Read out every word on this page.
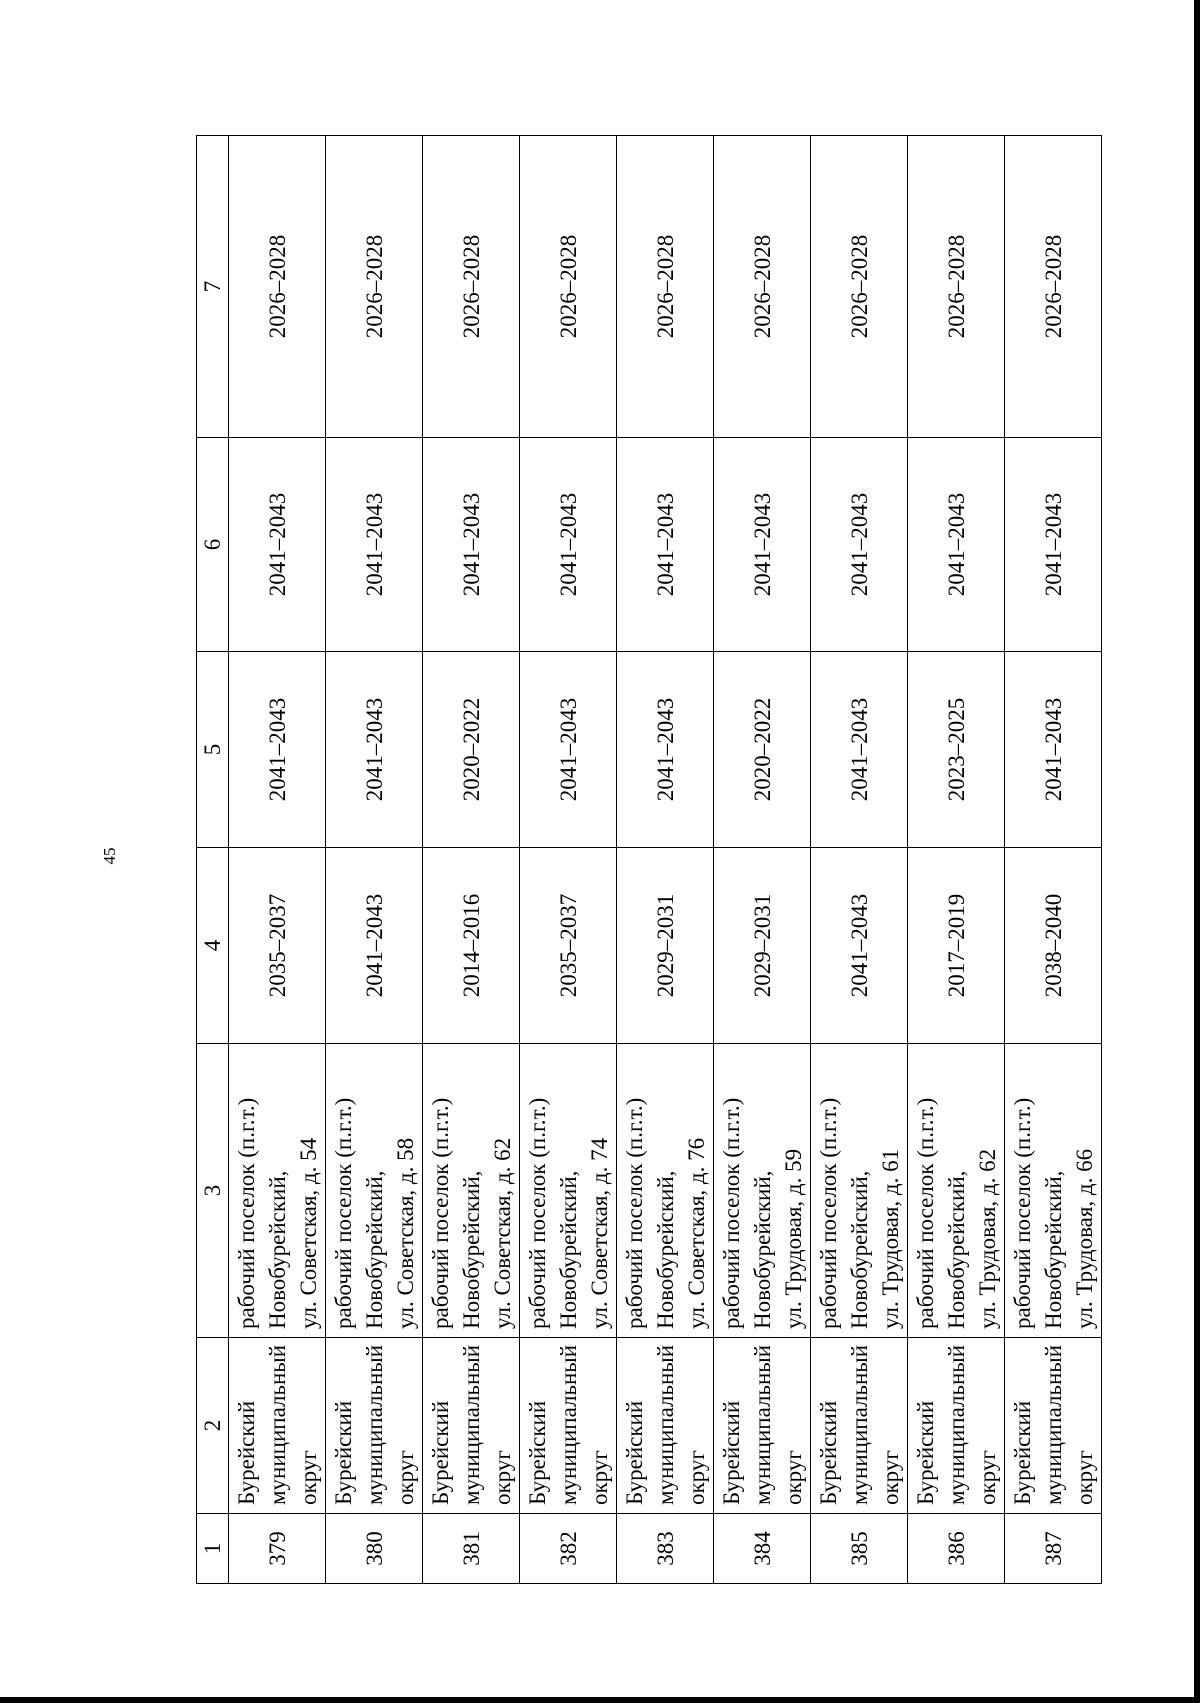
45
1	2	3	4	5	6	7
379	Бурейский муниципальный округ	рабочий поселок (п.г.т.) Новобурейский, ул. Советская, д. 54	2035–2037	2041–2043	2041–2043	2026–2028
380	Бурейский муниципальный округ	рабочий поселок (п.г.т.) Новобурейский, ул. Советская, д. 58	2041–2043	2041–2043	2041–2043	2026–2028
381	Бурейский муниципальный округ	рабочий поселок (п.г.т.) Новобурейский, ул. Советская, д. 62	2014–2016	2020–2022	2041–2043	2026–2028
382	Бурейский муниципальный округ	рабочий поселок (п.г.т.) Новобурейский, ул. Советская, д. 74	2035–2037	2041–2043	2041–2043	2026–2028
383	Бурейский муниципальный округ	рабочий поселок (п.г.т.) Новобурейский, ул. Советская, д. 76	2029–2031	2041–2043	2041–2043	2026–2028
384	Бурейский муниципальный округ	рабочий поселок (п.г.т.) Новобурейский, ул. Трудовая, д. 59	2029–2031	2020–2022	2041–2043	2026–2028
385	Бурейский муниципальный округ	рабочий поселок (п.г.т.) Новобурейский, ул. Трудовая, д. 61	2041–2043	2041–2043	2041–2043	2026–2028
386	Бурейский муниципальный округ	рабочий поселок (п.г.т.) Новобурейский, ул. Трудовая, д. 62	2017–2019	2023–2025	2041–2043	2026–2028
387	Бурейский муниципальный округ	рабочий поселок (п.г.т.) Новобурейский, ул. Трудовая, д. 66	2038–2040	2041–2043	2041–2043	2026–2028
